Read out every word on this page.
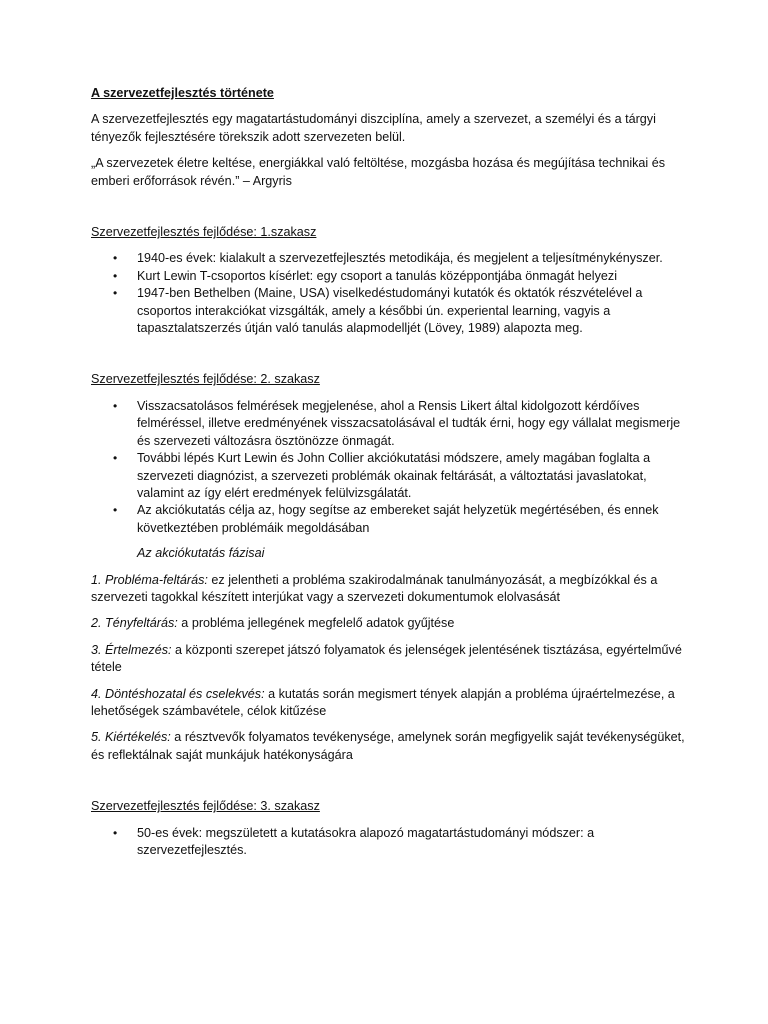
A szervezetfejlesztés története

A szervezetfejlesztés egy magatartástudományi diszciplína, amely a szervezet, a személyi és a tárgyi tényezők fejlesztésére törekszik adott szervezeten belül.

„A szervezetek életre keltése, energiákkal való feltöltése, mozgásba hozása és megújítása technikai és emberi erőforrások révén.” – Argyris

Szervezetfejlesztés fejlődése: 1.szakasz

• 1940-es évek: kialakult a szervezetfejlesztés metodikája, és megjelent a teljesítménykényszer.
• Kurt Lewin T-csoportos kísérlet: egy csoport a tanulás középpontjába önmagát helyezi
• 1947-ben Bethelben (Maine, USA) viselkedéstudományi kutatók és oktatók részvételével a csoportos interakciókat vizsgálták, amely a későbbi ún. experiental learning, vagyis a tapasztalatszerzés útján való tanulás alapmodelljét (Lövey, 1989) alapozta meg.

Szervezetfejlesztés fejlődése: 2. szakasz

• Visszacsatolásos felmérések megjelenése, ahol a Rensis Likert által kidolgozott kérdőíves felméréssel, illetve eredményének visszacsatolásával el tudták érni, hogy egy vállalat megismerje és szervezeti változásra ösztönözze önmagát.
• További lépés Kurt Lewin és John Collier akciókutatási módszere, amely magában foglalta a szervezeti diagnózist, a szervezeti problémák okainak feltárását, a változtatási javaslatokat, valamint az így elért eredmények felülvizsgálatát.
• Az akciókutatás célja az, hogy segítse az embereket saját helyzetük megértésében, és ennek következtében problémáik megoldásában

Az akciókutatás fázisai

1. Probléma-feltárás: ez jelentheti a probléma szakirodalmának tanulmányozását, a megbízókkal és a szervezeti tagokkal készített interjúkat vagy a szervezeti dokumentumok elolvasását

2. Tényfeltárás: a probléma jellegének megfelelő adatok gyűjtése

3. Értelmezés: a központi szerepet játszó folyamatok és jelenségek jelentésének tisztázása, egyértelművé tétele

4. Döntéshozatal és cselekvés: a kutatás során megismert tények alapján a probléma újraértelmezése, a lehetőségek számbavétele, célok kitűzése

5. Kiértékelés: a résztvevők folyamatos tevékenysége, amelynek során megfigyelik saját tevékenységüket, és reflektálnak saját munkájuk hatékonyságára

Szervezetfejlesztés fejlődése: 3. szakasz

• 50-es évek: megszületett a kutatásokra alapozó magatartástudományi módszer: a szervezetfejlesztés.
